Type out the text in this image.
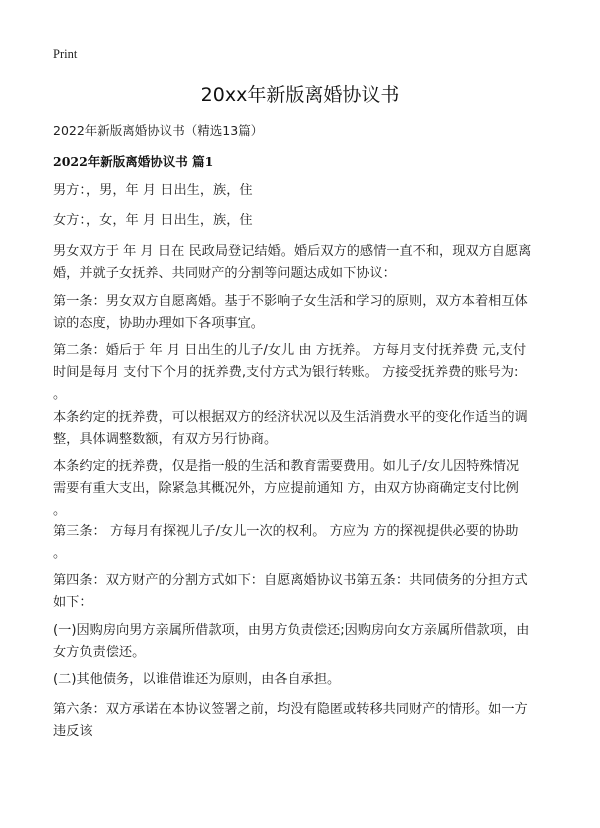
Print
20xx年新版离婚协议书
2022年新版离婚协议书（精选13篇）
2022年新版离婚协议书 篇1
男方：，男，年 月 日出生，族，住
女方：，女，年 月 日出生，族，住
男女双方于 年 月 日在 民政局登记结婚。婚后双方的感情一直不和，现双方自愿离
婚，并就子女抚养、共同财产的分割等问题达成如下协议：
第一条：男女双方自愿离婚。基于不影响子女生活和学习的原则，双方本着相互体
谅的态度，协助办理如下各项事宜。
第二条：婚后于 年 月 日出生的儿子/女儿 由 方抚养。 方每月支付抚养费 元,支付
时间是每月 支付下个月的抚养费,支付方式为银行转账。 方接受抚养费的账号为:
。
本条约定的抚养费，可以根据双方的经济状况以及生活消费水平的变化作适当的调
整，具体调整数额，有双方另行协商。
本条约定的抚养费，仅是指一般的生活和教育需要费用。如儿子/女儿因特殊情况
需要有重大支出，除紧急其概况外，方应提前通知 方，由双方协商确定支付比例
。
第三条： 方每月有探视儿子/女儿一次的权利。 方应为 方的探视提供必要的协助
。
第四条：双方财产的分割方式如下：自愿离婚协议书第五条：共同债务的分担方式
如下：
(一)因购房向男方亲属所借款项，由男方负责偿还;因购房向女方亲属所借款项，由
女方负责偿还。
(二)其他债务，以谁借谁还为原则，由各自承担。
第六条：双方承诺在本协议签署之前，均没有隐匿或转移共同财产的情形。如一方
违反该
